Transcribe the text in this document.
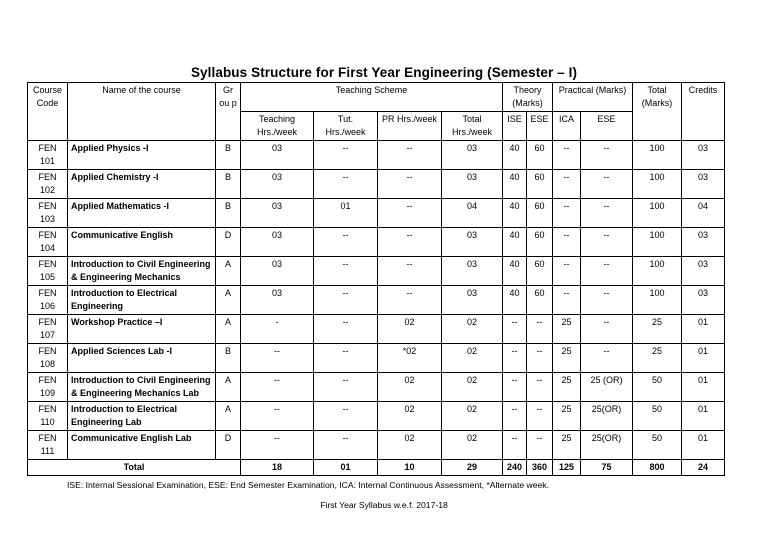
Syllabus Structure for First Year Engineering (Semester – I)
Course Code	Name of the course	Gr ou p	Teaching Scheme				Theory (Marks)		Practical (Marks)		Total (Marks)	Credits
			Teaching Hrs./week	Tut. Hrs./week	PR Hrs./week	Total Hrs./week	ISE	ESE	ICA	ESE		
FEN 101	Applied Physics -I	B	03	--	--	03	40	60	--	--	100	03
FEN 102	Applied Chemistry -I	B	03	--	--	03	40	60	--	--	100	03
FEN 103	Applied Mathematics -I	B	03	01	--	04	40	60	--	--	100	04
FEN 104	Communicative English	D	03	--	--	03	40	60	--	--	100	03
FEN 105	Introduction to Civil Engineering & Engineering Mechanics	A	03	--	--	03	40	60	--	--	100	03
FEN 106	Introduction to Electrical Engineering	A	03	--	--	03	40	60	--	--	100	03
FEN 107	Workshop Practice –I	A	-	--	02	02	--	--	25	--	25	01
FEN 108	Applied Sciences Lab -I	B	--	--	*02	02	--	--	25	--	25	01
FEN 109	Introduction to Civil Engineering & Engineering Mechanics Lab	A	--	--	02	02	--	--	25	25 (OR)	50	01
FEN 110	Introduction to Electrical Engineering Lab	A	--	--	02	02	--	--	25	25(OR)	50	01
FEN 111	Communicative English Lab	D	--	--	02	02	--	--	25	25(OR)	50	01
Total			18	01	10	29	240	360	125	75	800	24
ISE: Internal Sessional Examination, ESE: End Semester Examination, ICA: Internal Continuous Assessment, *Alternate week.
First Year Syllabus w.e.f. 2017-18
